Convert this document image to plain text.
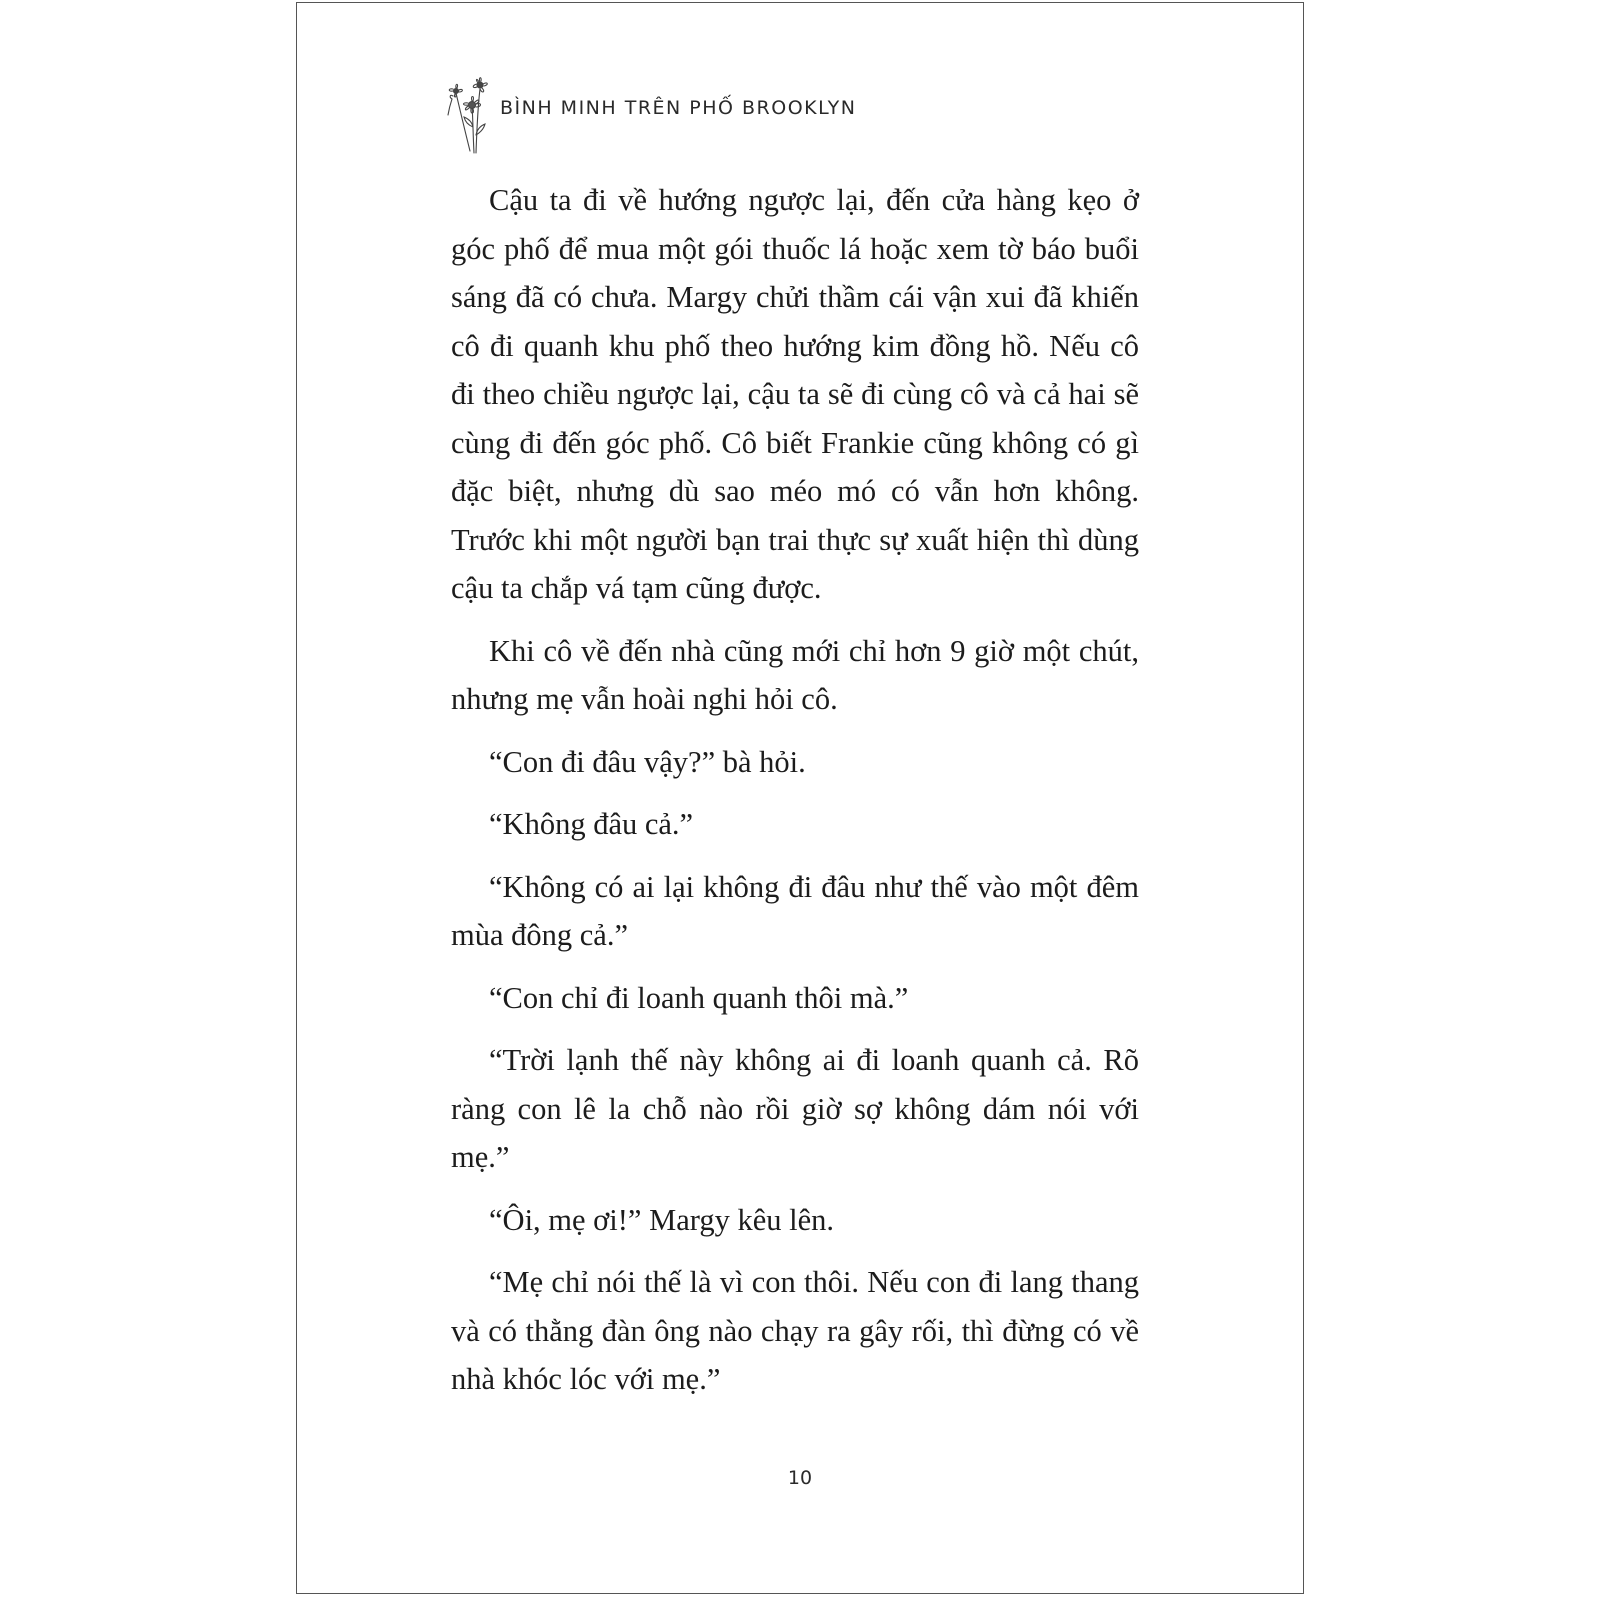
BÌNH MINH TRÊN PHỐ BROOKLYN

Cậu ta đi về hướng ngược lại, đến cửa hàng kẹo ở góc phố để mua một gói thuốc lá hoặc xem tờ báo buổi sáng đã có chưa. Margy chửi thầm cái vận xui đã khiến cô đi quanh khu phố theo hướng kim đồng hồ. Nếu cô đi theo chiều ngược lại, cậu ta sẽ đi cùng cô và cả hai sẽ cùng đi đến góc phố. Cô biết Frankie cũng không có gì đặc biệt, nhưng dù sao méo mó có vẫn hơn không. Trước khi một người bạn trai thực sự xuất hiện thì dùng cậu ta chắp vá tạm cũng được.

Khi cô về đến nhà cũng mới chỉ hơn 9 giờ một chút, nhưng mẹ vẫn hoài nghi hỏi cô.

“Con đi đâu vậy?” bà hỏi.

“Không đâu cả.”

“Không có ai lại không đi đâu như thế vào một đêm mùa đông cả.”

“Con chỉ đi loanh quanh thôi mà.”

“Trời lạnh thế này không ai đi loanh quanh cả. Rõ ràng con lê la chỗ nào rồi giờ sợ không dám nói với mẹ.”

“Ôi, mẹ ơi!” Margy kêu lên.

“Mẹ chỉ nói thế là vì con thôi. Nếu con đi lang thang và có thằng đàn ông nào chạy ra gây rối, thì đừng có về nhà khóc lóc với mẹ.”

10
